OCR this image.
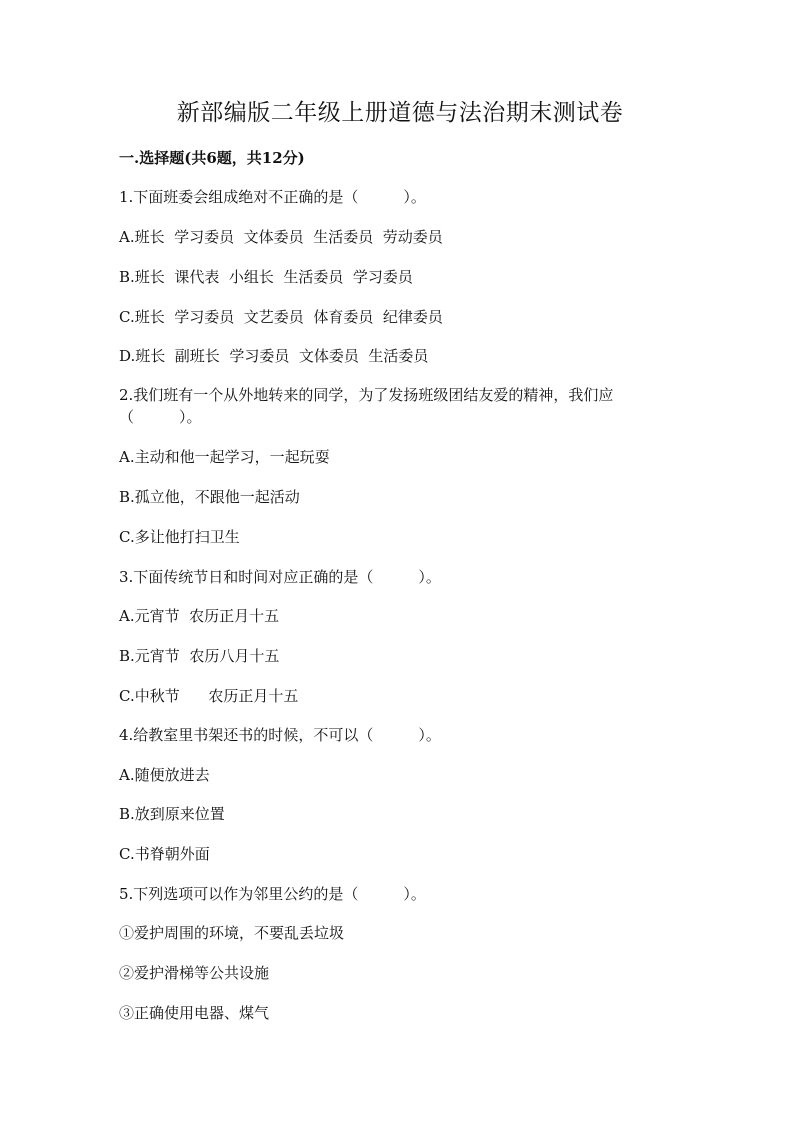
新部编版二年级上册道德与法治期末测试卷
一.选择题(共6题，共12分)
1.下面班委会组成绝对不正确的是（　　　）。
A.班长  学习委员  文体委员  生活委员  劳动委员
B.班长  课代表  小组长  生活委员  学习委员
C.班长  学习委员  文艺委员  体育委员  纪律委员
D.班长  副班长  学习委员  文体委员  生活委员
2.我们班有一个从外地转来的同学，为了发扬班级团结友爱的精神，我们应
（　　　）。
A.主动和他一起学习，一起玩耍
B.孤立他，不跟他一起活动
C.多让他打扫卫生
3.下面传统节日和时间对应正确的是（　　　）。
A.元宵节  农历正月十五
B.元宵节  农历八月十五
C.中秋节      农历正月十五
4.给教室里书架还书的时候，不可以（　　　）。
A.随便放进去
B.放到原来位置
C.书脊朝外面
5.下列选项可以作为邻里公约的是（　　　）。
①爱护周围的环境，不要乱丢垃圾
②爱护滑梯等公共设施
③正确使用电器、煤气
